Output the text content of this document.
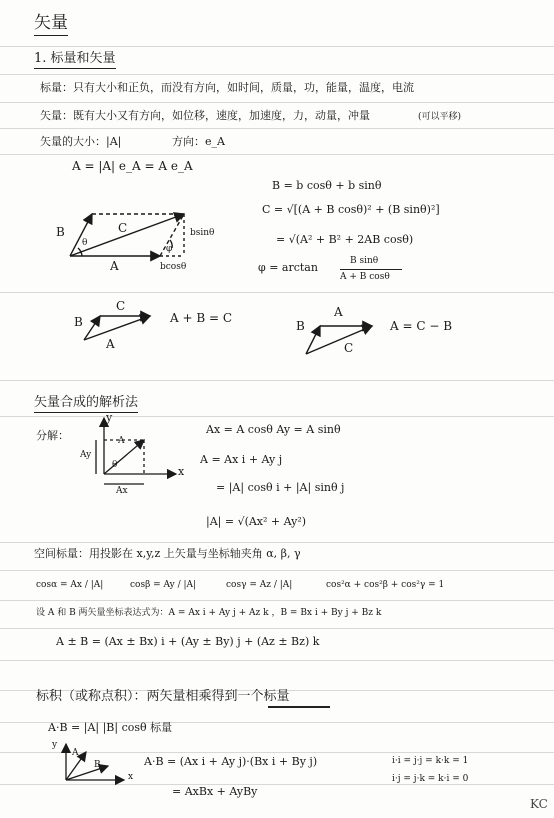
矢量
1. 标量和矢量
标量：只有大小和正负，而没有方向，如时间，质量，功，能量，温度，电流
矢量：既有大小又有方向，如位移，速度，加速度，力，动量，冲量	(可以平移)
矢量的大小：|A|	方向：e_A
A = |A| e_A = A e_A
B = b cosθ + b sinθ
C = √[(A + B cosθ)² + (B sinθ)²]
= √(A² + B² + 2AB cosθ)
φ = arctan	B sinθ
A + B cosθ
B	C
A
θ
φ
bsinθ
bcosθ
B
C
A
A + B = C
B
A
C
A = C − B
矢量合成的解析法
分解：
y
x
Ay
Ax
A
θ
Ax = A cosθ Ay = A sinθ
A = Ax i + Ay j
= |A| cosθ i + |A| sinθ j
|A| = √(Ax² + Ay²)
空间标量：用投影在 x,y,z 上矢量与坐标轴夹角 α, β, γ
cosα = Ax / |A|	cosβ = Ay / |A|	cosγ = Az / |A|	cos²α + cos²β + cos²γ = 1
设 A 和 B 两矢量坐标表达式为：A = Ax i + Ay j + Az k ，B = Bx i + By j + Bz k
A ± B = (Ax ± Bx) i + (Ay ± By) j + (Az ± Bz) k
标积（或称点积）：两矢量相乘得到一个标量
A·B = |A| |B| cosθ 标量
y
x
A
B	A·B = (Ax i + Ay j)·(Bx i + By j)
= AxBx + AyBy
i·i = j·j = k·k = 1
i·j = j·k = k·i = 0
KC
